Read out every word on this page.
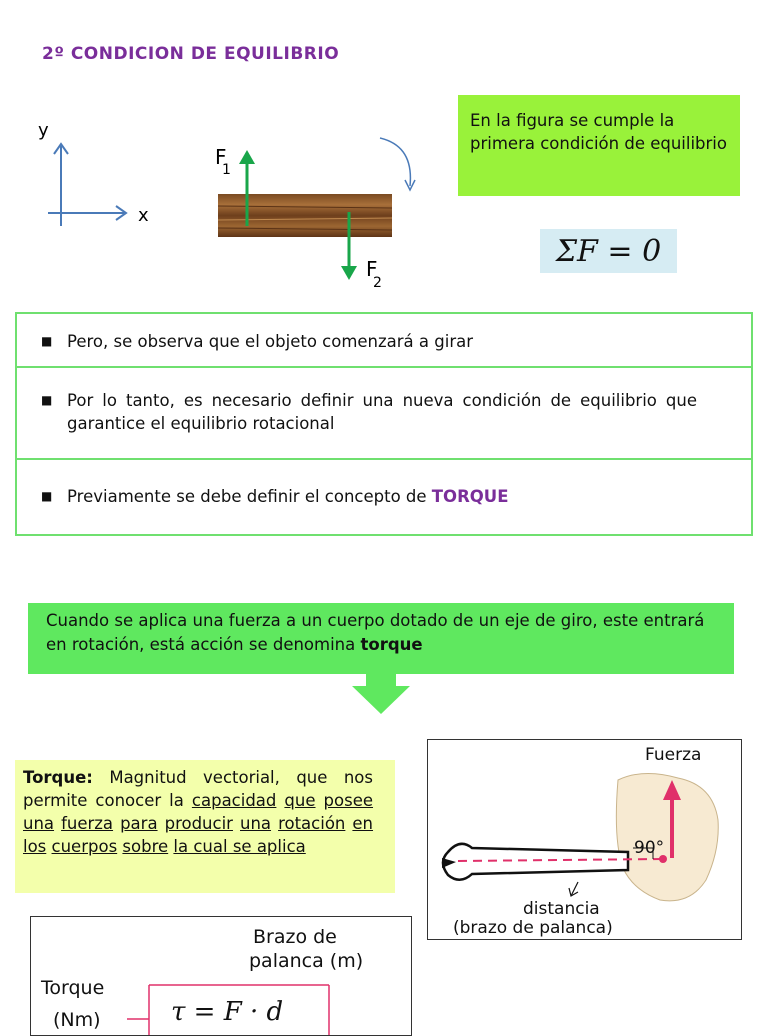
2º CONDICION DE EQUILIBRIO
y
x
F
1
F
2
En la figura se cumple la primera condición de equilibrio
ΣF = 0
■ Pero, se observa que el objeto comenzará a girar
■ Por lo tanto, es necesario definir una nueva condición de equilibrio que garantice el equilibrio rotacional
■ Previamente se debe definir el concepto de TORQUE
Cuando se aplica una fuerza a un cuerpo dotado de un eje de giro, este entrará en rotación, está acción se denomina torque
Torque: Magnitud vectorial, que nos permite conocer la capacidad que posee una fuerza para producir una rotación en los cuerpos sobre la cual se aplica
Fuerza
90°
distancia
(brazo de palanca)
Brazo de
palanca (m)
Torque
(Nm)	τ = F · d
